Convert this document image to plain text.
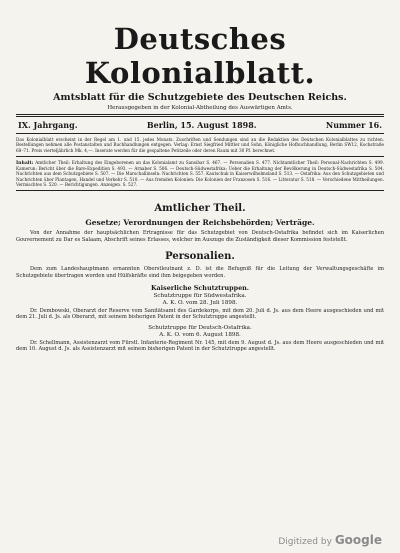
Deutsches Kolonialblatt.
Amtsblatt für die Schutzgebiete des Deutschen Reichs.
Herausgegeben in der Kolonial-Abtheilung des Auswärtigen Amts.
IX. Jahrgang.	Berlin, 15. August 1898.	Nummer 16.
Das Kolonialblatt erscheint in der Regel am 1. und 15. jedes Monats. Zuschriften und Sendungen sind an die Redaktion des Deutschen Kolonialblattes zu richten. Bestellungen nehmen alle Postanstalten und Buchhandlungen entgegen. Verlag: Ernst Siegfried Mittler und Sohn, Königliche Hofbuchhandlung, Berlin SW12, Kochstraße 68–71. Preis vierteljährlich Mk. 4,—. Inserate werden für die gespaltene Petitzeile oder deren Raum mit 30 Pf. berechnet.
Inhalt: Amtlicher Theil: Erhaltung des Eingeborenen an das Kolonialamt zu Sansibar S. 467. — Personalien S. 477. Nichtamtlicher Theil: Personal-Nachrichten S. 499. Kamerun: Bericht über die Bare-Expedition S. 493. — Arnaber S. 506. — Deutsch-Südwestafrika: Ueber die Erhaltung der Bevölkerung in Deutsch-Südwestafrika S. 504. Nachrichten aus dem Schutzgebiete S. 507. — Die Marschallinseln: Nachrichten S. 557. Kautschuk in Kaiserwilhelmsland S. 513. — Ostafrika: Aus den Schutzgebieten und Nachrichten über Plantagen, Handel und Verkehr S. 510. — Aus fremden Kolonien: Die Kolonien der Franzosen S. 516. — Litteratur S. 518. — Verschiedene Mittheilungen. Vermischtes S. 520. — Berichtigungen. Anzeigen. S. 527.
Amtlicher Theil.
Gesetze; Verordnungen der Reichsbehörden; Verträge.
Von der Annahme der hauptsächlichen Ertragnisse für das Schutzgebiet von Deutsch-Ostafrika befindet sich im Kaiserlichen Gouvernement zu Dar es Salaam, Abschrift seines Erlasses, welcher im Auszuge die Zuständigkeit dieser Kommission feststellt.
Personalien.
Dem zum Landeshauptmann ernannten Oberstleutnant z. D. ist die Befugniß für die Leitung der Verwaltungsgeschäfte im Schutzgebiete übertragen worden und Hülfskräfte sind ihm beigegeben worden.
Kaiserliche Schutztruppen.
Schutztruppe für Südwestafrika.
A. K. O. vom 28. Juli 1898.
Dr. Dembowski, Oberarzt der Reserve vom Sanitätsamt des Gardekorps, mit dem 20. Juli d. Js. aus dem Heere ausgeschieden und mit dem 21. Juli d. Js. als Oberarzt, mit seinem bisherigen Patent in der Schutztruppe angestellt.
Schutztruppe für Deutsch-Ostafrika.
A. K. O. vom 6. August 1898.
Dr. Schellmann, Assistenzarzt vom Fürstl. Infanterie-Regiment Nr. 145, mit dem 9. August d. Js. aus dem Heere ausgeschieden und mit dem 10. August d. Js. als Assistenzarzt mit seinem bisherigen Patent in der Schutztruppe angestellt.
Digitized by Google
